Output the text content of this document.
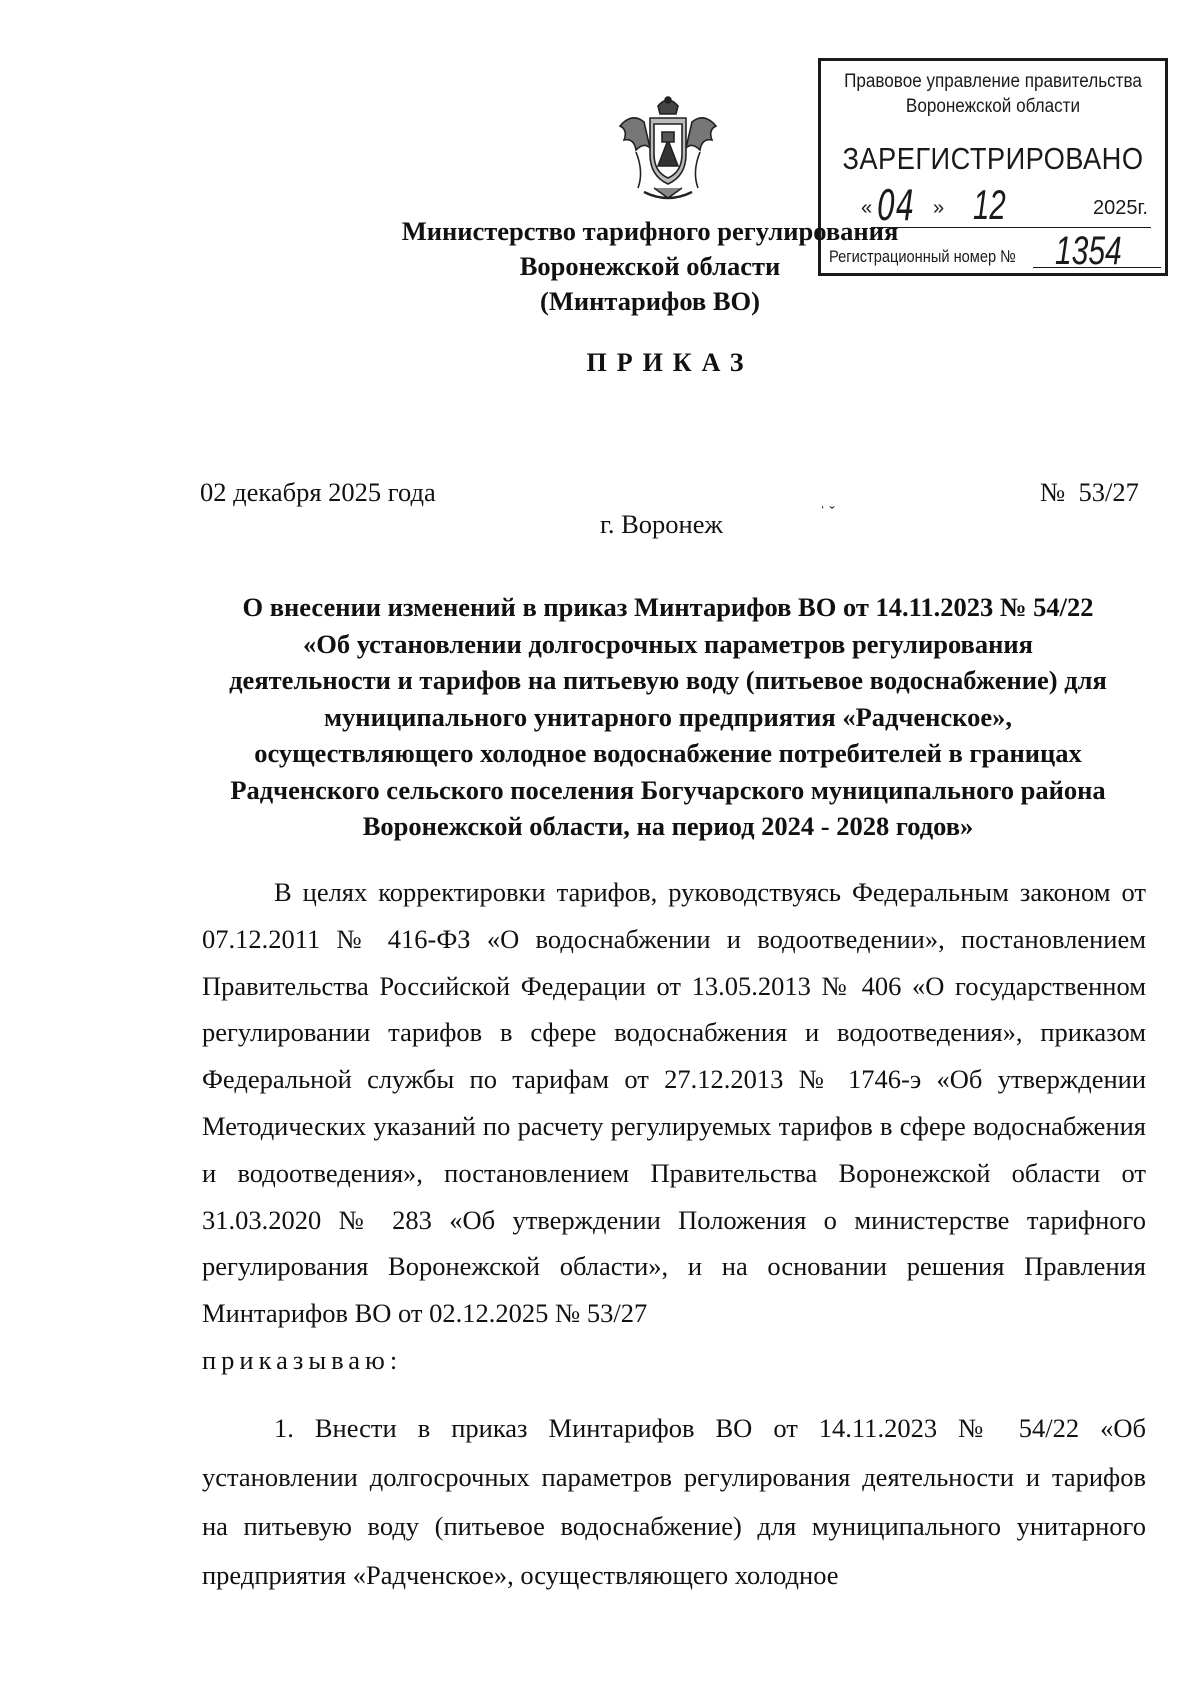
Правовое управление правительства
Воронежской области
ЗАРЕГИСТРИРОВАНО
« 04 » 12	2025г.
Регистрационный номер № 1354
Министерство тарифного регулирования
Воронежской области
(Минтарифов ВО)
ПРИКАЗ
02 декабря 2025 года	№  53/27
г. Воронеж	ˈ ˇ
О внесении изменений в приказ Минтарифов ВО от 14.11.2023 № 54/22
«Об установлении долгосрочных параметров регулирования
деятельности и тарифов на питьевую воду (питьевое водоснабжение) для
муниципального унитарного предприятия «Радченское»,
осуществляющего холодное водоснабжение потребителей в границах
Радченского сельского поселения Богучарского муниципального района
Воронежской области, на период 2024 - 2028 годов»

В целях корректировки тарифов, руководствуясь Федеральным законом от 07.12.2011 № 416-ФЗ «О водоснабжении и водоотведении», постановлением Правительства Российской Федерации от 13.05.2013 № 406 «О государственном регулировании тарифов в сфере водоснабжения и водоотведения», приказом Федеральной службы по тарифам от 27.12.2013 № 1746-э «Об утверждении Методических указаний по расчету регулируемых тарифов в сфере водоснабжения и водоотведения», постановлением Правительства Воронежской области от 31.03.2020 № 283 «Об утверждении Положения о министерстве тарифного регулирования Воронежской области», и на основании решения Правления Минтарифов ВО от 02.12.2025 № 53/27

приказываю:

1. Внести в приказ Минтарифов ВО от 14.11.2023 № 54/22 «Об установлении долгосрочных параметров регулирования деятельности и тарифов на питьевую воду (питьевое водоснабжение) для муниципального унитарного предприятия «Радченское», осуществляющего холодное
